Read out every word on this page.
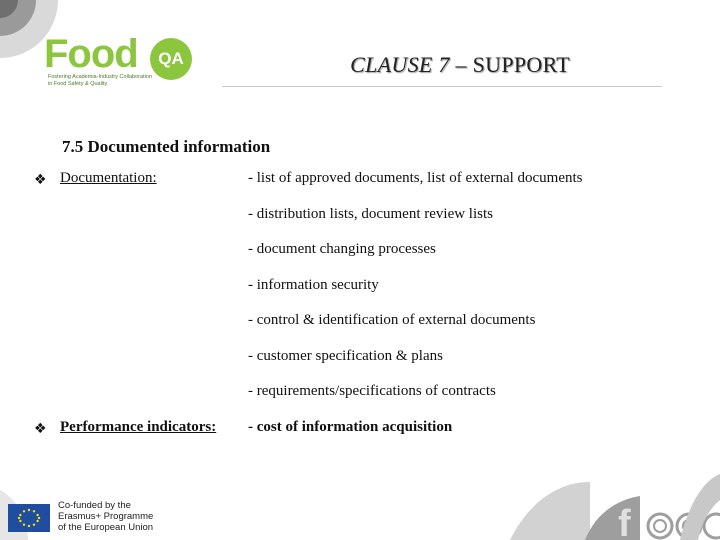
Food	QA
Fostering Academia-Industry Collaboration
in Food Safety & Quality
CLAUSE 7 – SUPPORT
7.5 Documented information
❖ Documentation:	- list of approved documents, list of external documents
- distribution lists, document review lists
- document changing processes
- information security
- control & identification of external documents
- customer specification & plans
- requirements/specifications of contracts
❖ Performance indicators: - cost of information acquisition
Co-funded by the
Erasmus+ Programme
of the European Union	f
